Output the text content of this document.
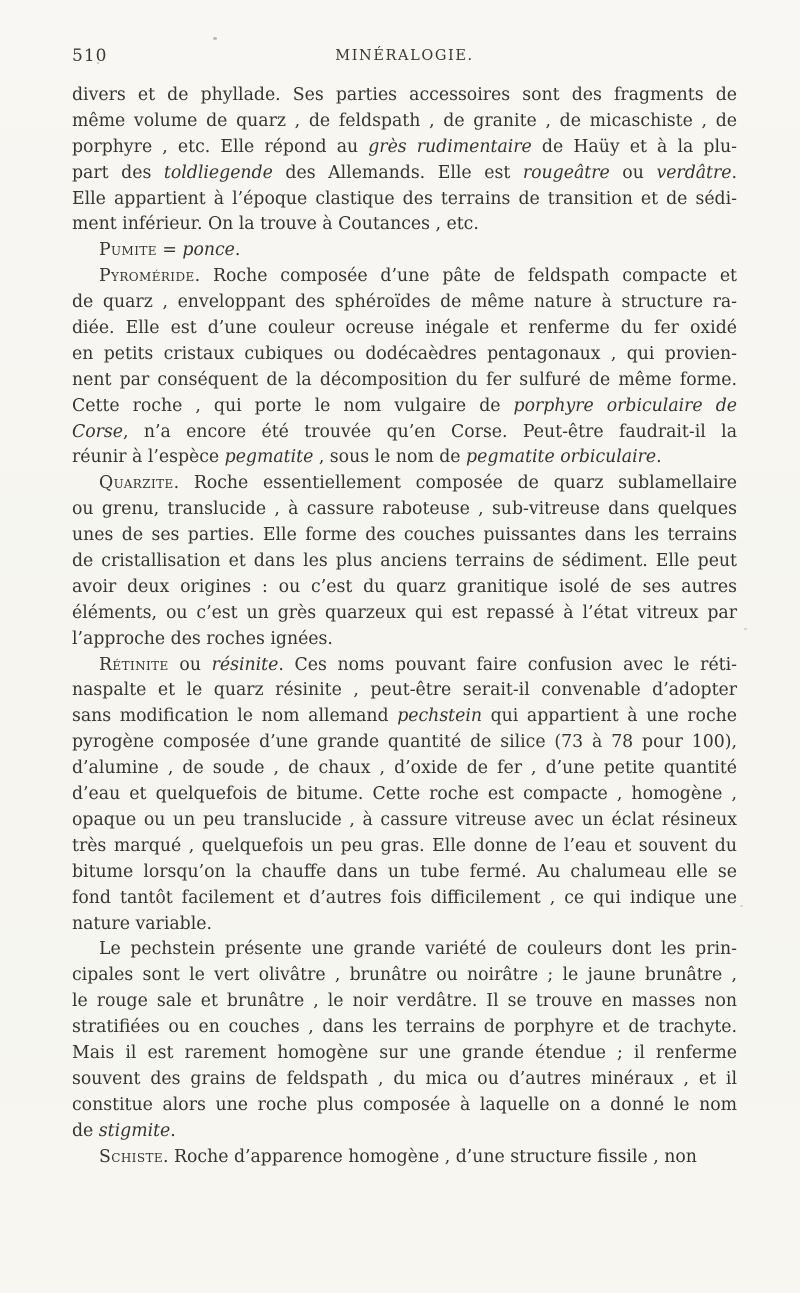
510	MINÉRALOGIE.
divers et de phyllade. Ses parties accessoires sont des fragments de
même volume de quarz , de feldspath , de granite , de micaschiste , de
porphyre , etc. Elle répond au grès rudimentaire de Haüy et à la plu-
part des toldliegende des Allemands. Elle est rougeâtre ou verdâtre.
Elle appartient à l’époque clastique des terrains de transition et de sédi-
ment inférieur. On la trouve à Coutances , etc.
Pumite = ponce.
Pyroméride. Roche composée d’une pâte de feldspath compacte et
de quarz , enveloppant des sphéroïdes de même nature à structure ra-
diée. Elle est d’une couleur ocreuse inégale et renferme du fer oxidé
en petits cristaux cubiques ou dodécaèdres pentagonaux , qui provien-
nent par conséquent de la décomposition du fer sulfuré de même forme.
Cette roche , qui porte le nom vulgaire de porphyre orbiculaire de
Corse, n’a encore été trouvée qu’en Corse. Peut-être faudrait-il la
réunir à l’espèce pegmatite , sous le nom de pegmatite orbiculaire.
Quarzite. Roche essentiellement composée de quarz sublamellaire
ou grenu, translucide , à cassure raboteuse , sub-vitreuse dans quelques
unes de ses parties. Elle forme des couches puissantes dans les terrains
de cristallisation et dans les plus anciens terrains de sédiment. Elle peut
avoir deux origines : ou c’est du quarz granitique isolé de ses autres
éléments, ou c’est un grès quarzeux qui est repassé à l’état vitreux par
l’approche des roches ignées.
Rétinite ou résinite. Ces noms pouvant faire confusion avec le réti-
naspalte et le quarz résinite , peut-être serait-il convenable d’adopter
sans modification le nom allemand pechstein qui appartient à une roche
pyrogène composée d’une grande quantité de silice (73 à 78 pour 100),
d’alumine , de soude , de chaux , d’oxide de fer , d’une petite quantité
d’eau et quelquefois de bitume. Cette roche est compacte , homogène ,
opaque ou un peu translucide , à cassure vitreuse avec un éclat résineux
très marqué , quelquefois un peu gras. Elle donne de l’eau et souvent du
bitume lorsqu’on la chauffe dans un tube fermé. Au chalumeau elle se
fond tantôt facilement et d’autres fois difficilement , ce qui indique une
nature variable.
Le pechstein présente une grande variété de couleurs dont les prin-
cipales sont le vert olivâtre , brunâtre ou noirâtre ; le jaune brunâtre ,
le rouge sale et brunâtre , le noir verdâtre. Il se trouve en masses non
stratifiées ou en couches , dans les terrains de porphyre et de trachyte.
Mais il est rarement homogène sur une grande étendue ; il renferme
souvent des grains de feldspath , du mica ou d’autres minéraux , et il
constitue alors une roche plus composée à laquelle on a donné le nom
de stigmite.
Schiste. Roche d’apparence homogène , d’une structure fissile , non
